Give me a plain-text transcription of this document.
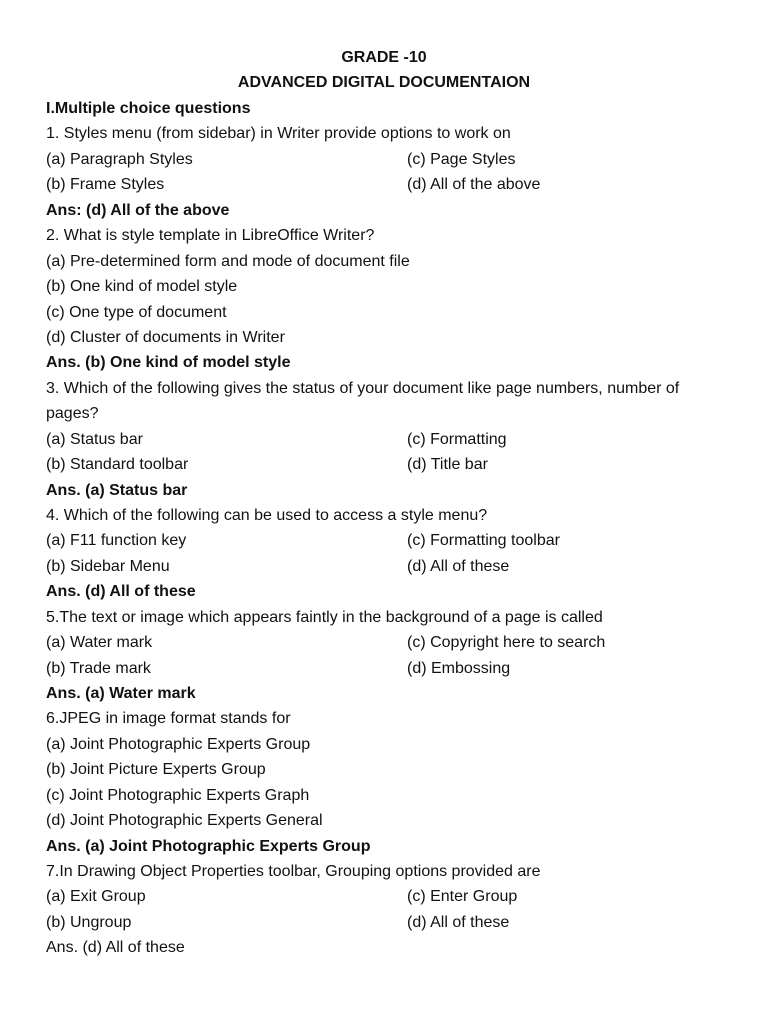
GRADE -10
ADVANCED DIGITAL DOCUMENTAION
I.Multiple choice questions
1. Styles menu (from sidebar) in Writer provide options to work on
(a) Paragraph Styles	(c) Page Styles
(b) Frame Styles	(d) All of the above
Ans: (d) All of the above
2. What is style template in LibreOffice Writer?
(a) Pre-determined form and mode of document file
(b) One kind of model style
(c) One type of document
(d) Cluster of documents in Writer
Ans. (b) One kind of model style
3. Which of the following gives the status of your document like page numbers, number of
pages?
(a) Status bar	(c) Formatting
(b) Standard toolbar	(d) Title bar
Ans. (a) Status bar
4. Which of the following can be used to access a style menu?
(a) F11 function key	(c) Formatting toolbar
(b) Sidebar Menu	(d) All of these
Ans. (d) All of these
5.The text or image which appears faintly in the background of a page is called
(a) Water mark	(c) Copyright here to search
(b) Trade mark	(d) Embossing
Ans. (a) Water mark
6.JPEG in image format stands for
(a) Joint Photographic Experts Group
(b) Joint Picture Experts Group
(c) Joint Photographic Experts Graph
(d) Joint Photographic Experts General
Ans. (a) Joint Photographic Experts Group
7.In Drawing Object Properties toolbar, Grouping options provided are
(a) Exit Group	(c) Enter Group
(b) Ungroup	(d) All of these
Ans. (d) All of these
